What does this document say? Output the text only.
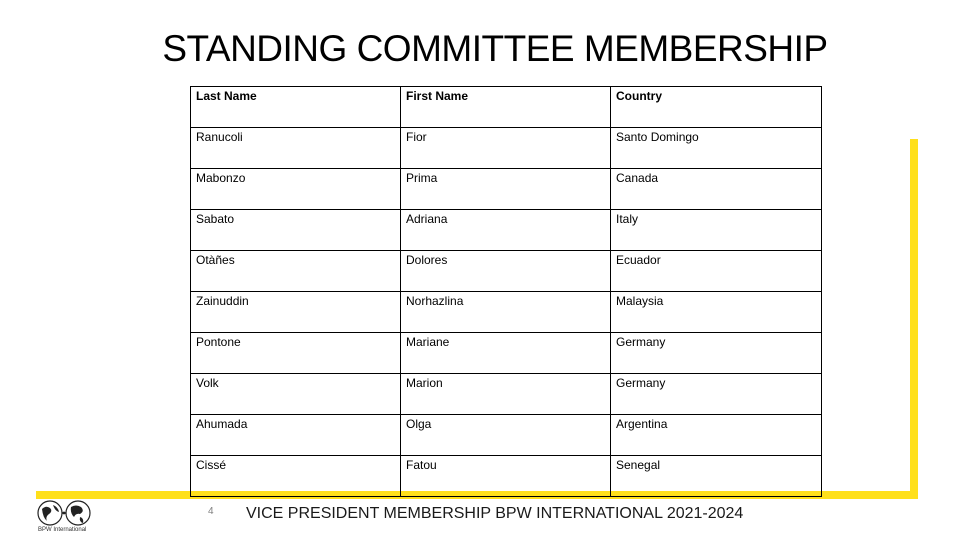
STANDING COMMITTEE MEMBERSHIP
Last Name	First Name	Country
Ranucoli	Fior	Santo Domingo
Mabonzo	Prima	Canada
Sabato	Adriana	Italy
Otàñes	Dolores	Ecuador
Zainuddin	Norhazlina	Malaysia
Pontone	Mariane	Germany
Volk	Marion	Germany
Ahumada	Olga	Argentina
Cissé	Fatou	Senegal
BPW International
4 VICE PRESIDENT MEMBERSHIP BPW INTERNATIONAL 2021-2024
